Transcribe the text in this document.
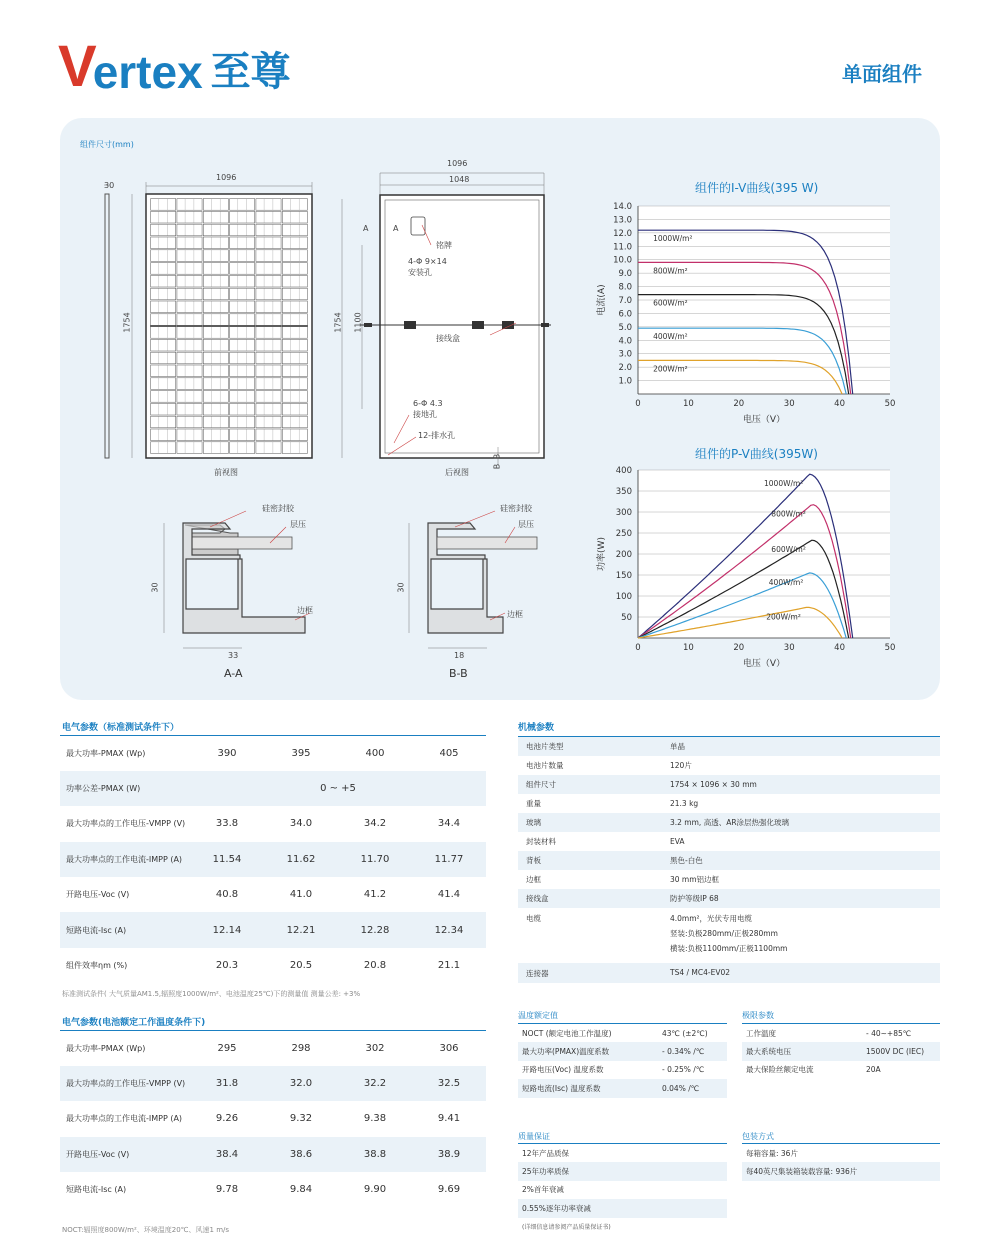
V
ertex 至尊	单面组件
组件尺寸(mm)
30
1096
1754
前视图
1096
1048
1754 1100
A	A
铭牌
4-Φ 9×14
安装孔
接线盒
6-Φ 4.3
接地孔
12-排水孔
B
B
后视图
硅密封胶
层压
边框
30
33
A-A
硅密封胶
层压
边框
30
18
B-B
组件的I-V曲线(395 W)
1.0
2.0
3.0
4.0
5.0
6.0
7.0
8.0
9.0
10.0
11.0
12.0
13.0
14.0
0	10	20	30	40	50
电压（V）
电流(A)
1000W/m²
800W/m²
600W/m²
400W/m²
200W/m²
组件的P-V曲线(395W)
50
100
150
200
250
300
350
400
0	10	20	30	40	50
电压（V）
功率(W)
1000W/m²
800W/m²
600W/m²
400W/m²
200W/m²
电气参数（标准测试条件下）
最大功率-PMAX (Wp)	390	395	400	405
功率公差-PMAX (W)	0 ~ +5			
最大功率点的工作电压-VMPP (V)	33.8	34.0	34.2	34.4
最大功率点的工作电流-IMPP (A)	11.54	11.62	11.70	11.77
开路电压-Voc (V)	40.8	41.0	41.2	41.4
短路电流-Isc (A)	12.14	12.21	12.28	12.34
组件效率ηm (%)	20.3	20.5	20.8	21.1
标准测试条件( 大气质量AM1.5,辐照度1000W/m²、电池温度25℃)下的测量值 测量公差: +3%
电气参数(电池额定工作温度条件下)
最大功率-PMAX (Wp)	295	298	302	306
最大功率点的工作电压-VMPP (V)	31.8	32.0	32.2	32.5
最大功率点的工作电流-IMPP (A)	9.26	9.32	9.38	9.41
开路电压-Voc (V)	38.4	38.6	38.8	38.9
短路电流-Isc (A)	9.78	9.84	9.90	9.69
NOCT:辐照度800W/m²、环境温度20℃、风速1 m/s
机械参数
电池片类型	单晶
电池片数量	120片
组件尺寸	1754 × 1096 × 30 mm
重量	21.3 kg
玻璃	3.2 mm, 高透、AR涂层热强化玻璃
封装材料	EVA
背板	黑色-白色
边框	30 mm铝边框
接线盒	防护等级IP 68
电缆	4.0mm²，光伏专用电缆
竖装:负极280mm/正极280mm
横装:负极1100mm/正极1100mm
连接器	TS4 / MC4-EV02
温度额定值
NOCT (额定电池工作温度)	43℃ (±2℃)
最大功率(PMAX)温度系数	- 0.34% /℃
开路电压(Voc) 温度系数	- 0.25% /℃
短路电流(Isc) 温度系数	0.04% /℃
极限参数
工作温度	- 40~+85℃
最大系统电压	1500V DC (IEC)
最大保险丝额定电流	20A
质量保证
12年产品质保
25年功率质保
2%首年衰减
0.55%逐年功率衰减
(详细信息请参阅产品质量保证书)
包装方式
每箱容量: 36片
每40英尺集装箱装载容量: 936片
